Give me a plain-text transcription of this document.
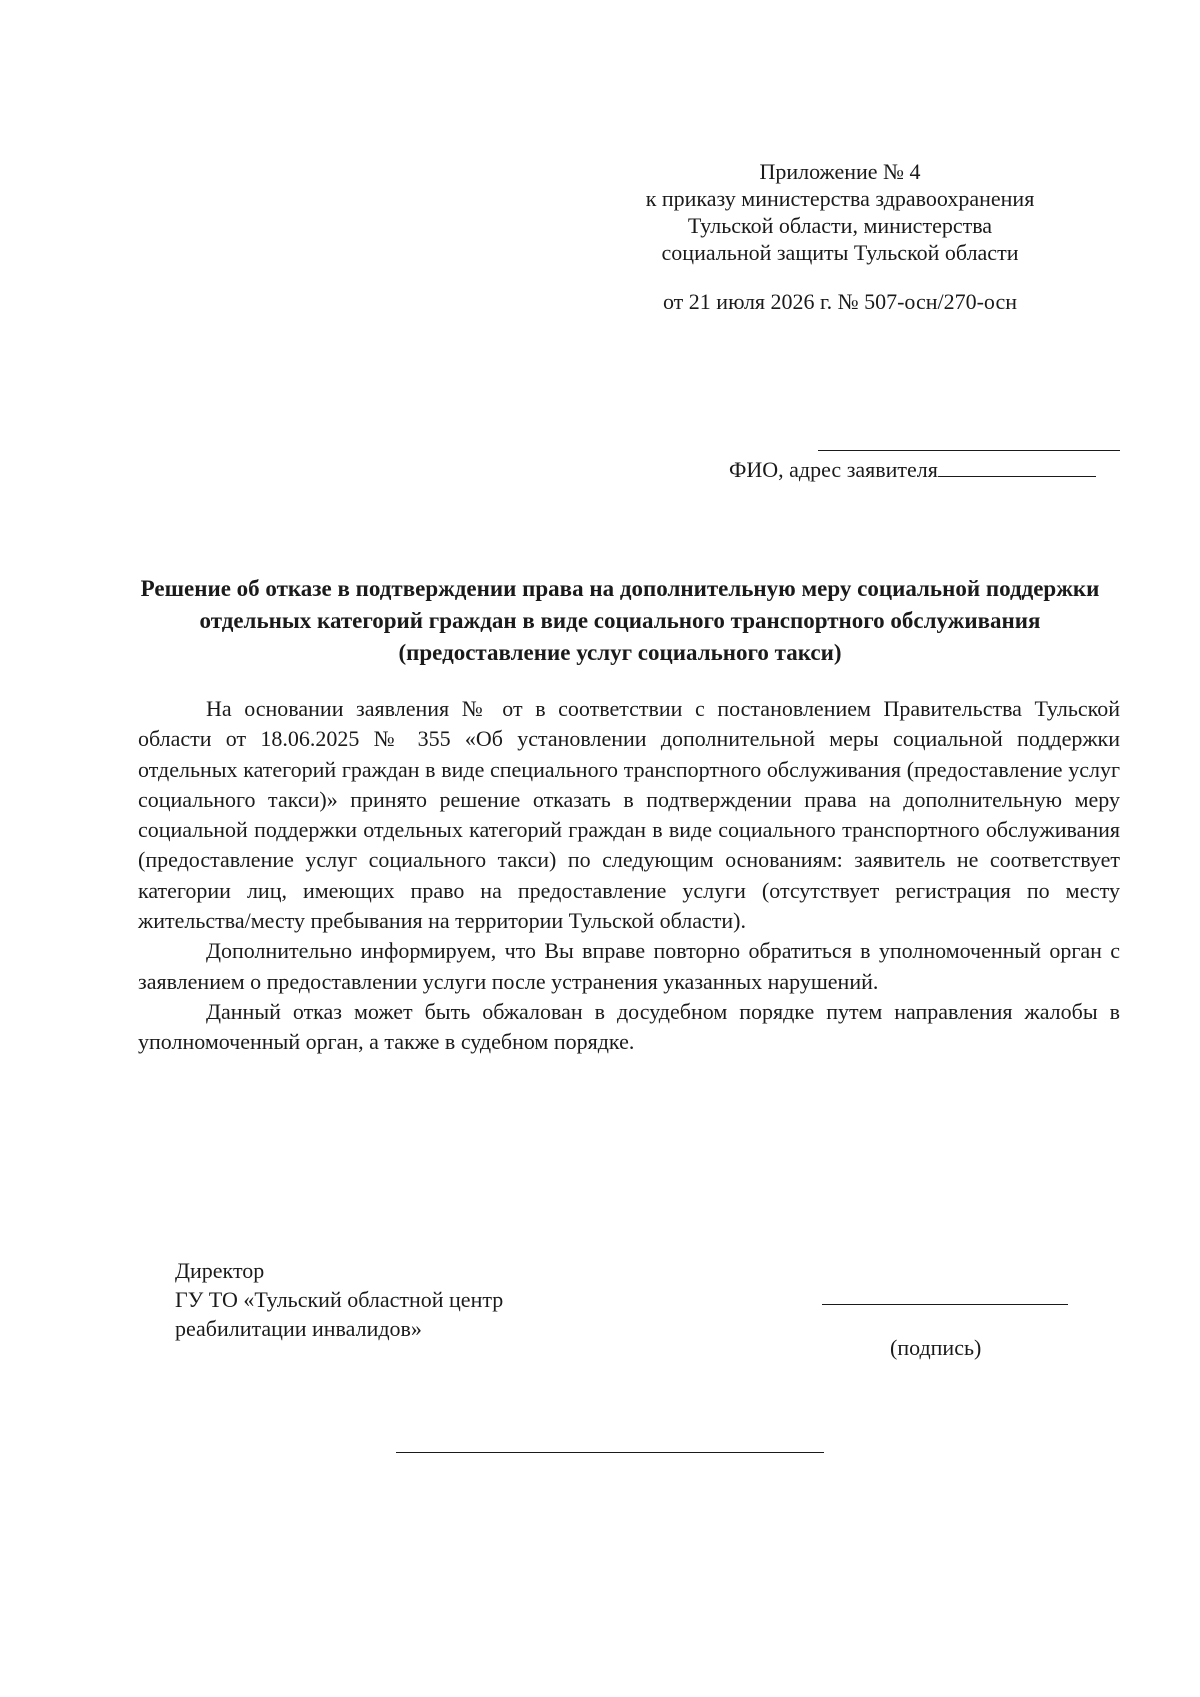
Приложение № 4
к приказу министерства здравоохранения
Тульской области, министерства
социальной защиты Тульской области
от 21 июля 2026 г. № 507-осн/270-осн
ФИО, адрес заявителя
Решение об отказе в подтверждении права на дополнительную меру социальной поддержки отдельных категорий граждан в виде социального транспортного обслуживания (предоставление услуг социального такси)

На основании заявления № от в соответствии с постановлением Правительства Тульской области от 18.06.2025 № 355 «Об установлении дополнительной меры социальной поддержки отдельных категорий граждан в виде специального транспортного обслуживания (предоставление услуг социального такси)» принято решение отказать в подтверждении права на дополнительную меру социальной поддержки отдельных категорий граждан в виде социального транспортного обслуживания (предоставление услуг социального такси) по следующим основаниям: заявитель не соответствует категории лиц, имеющих право на предоставление услуги (отсутствует регистрация по месту жительства/месту пребывания на территории Тульской области).

Дополнительно информируем, что Вы вправе повторно обратиться в уполномоченный орган с заявлением о предоставлении услуги после устранения указанных нарушений.

Данный отказ может быть обжалован в досудебном порядке путем направления жалобы в уполномоченный орган, а также в судебном порядке.

Директор
ГУ ТО «Тульский областной центр
реабилитации инвалидов»
(подпись)
